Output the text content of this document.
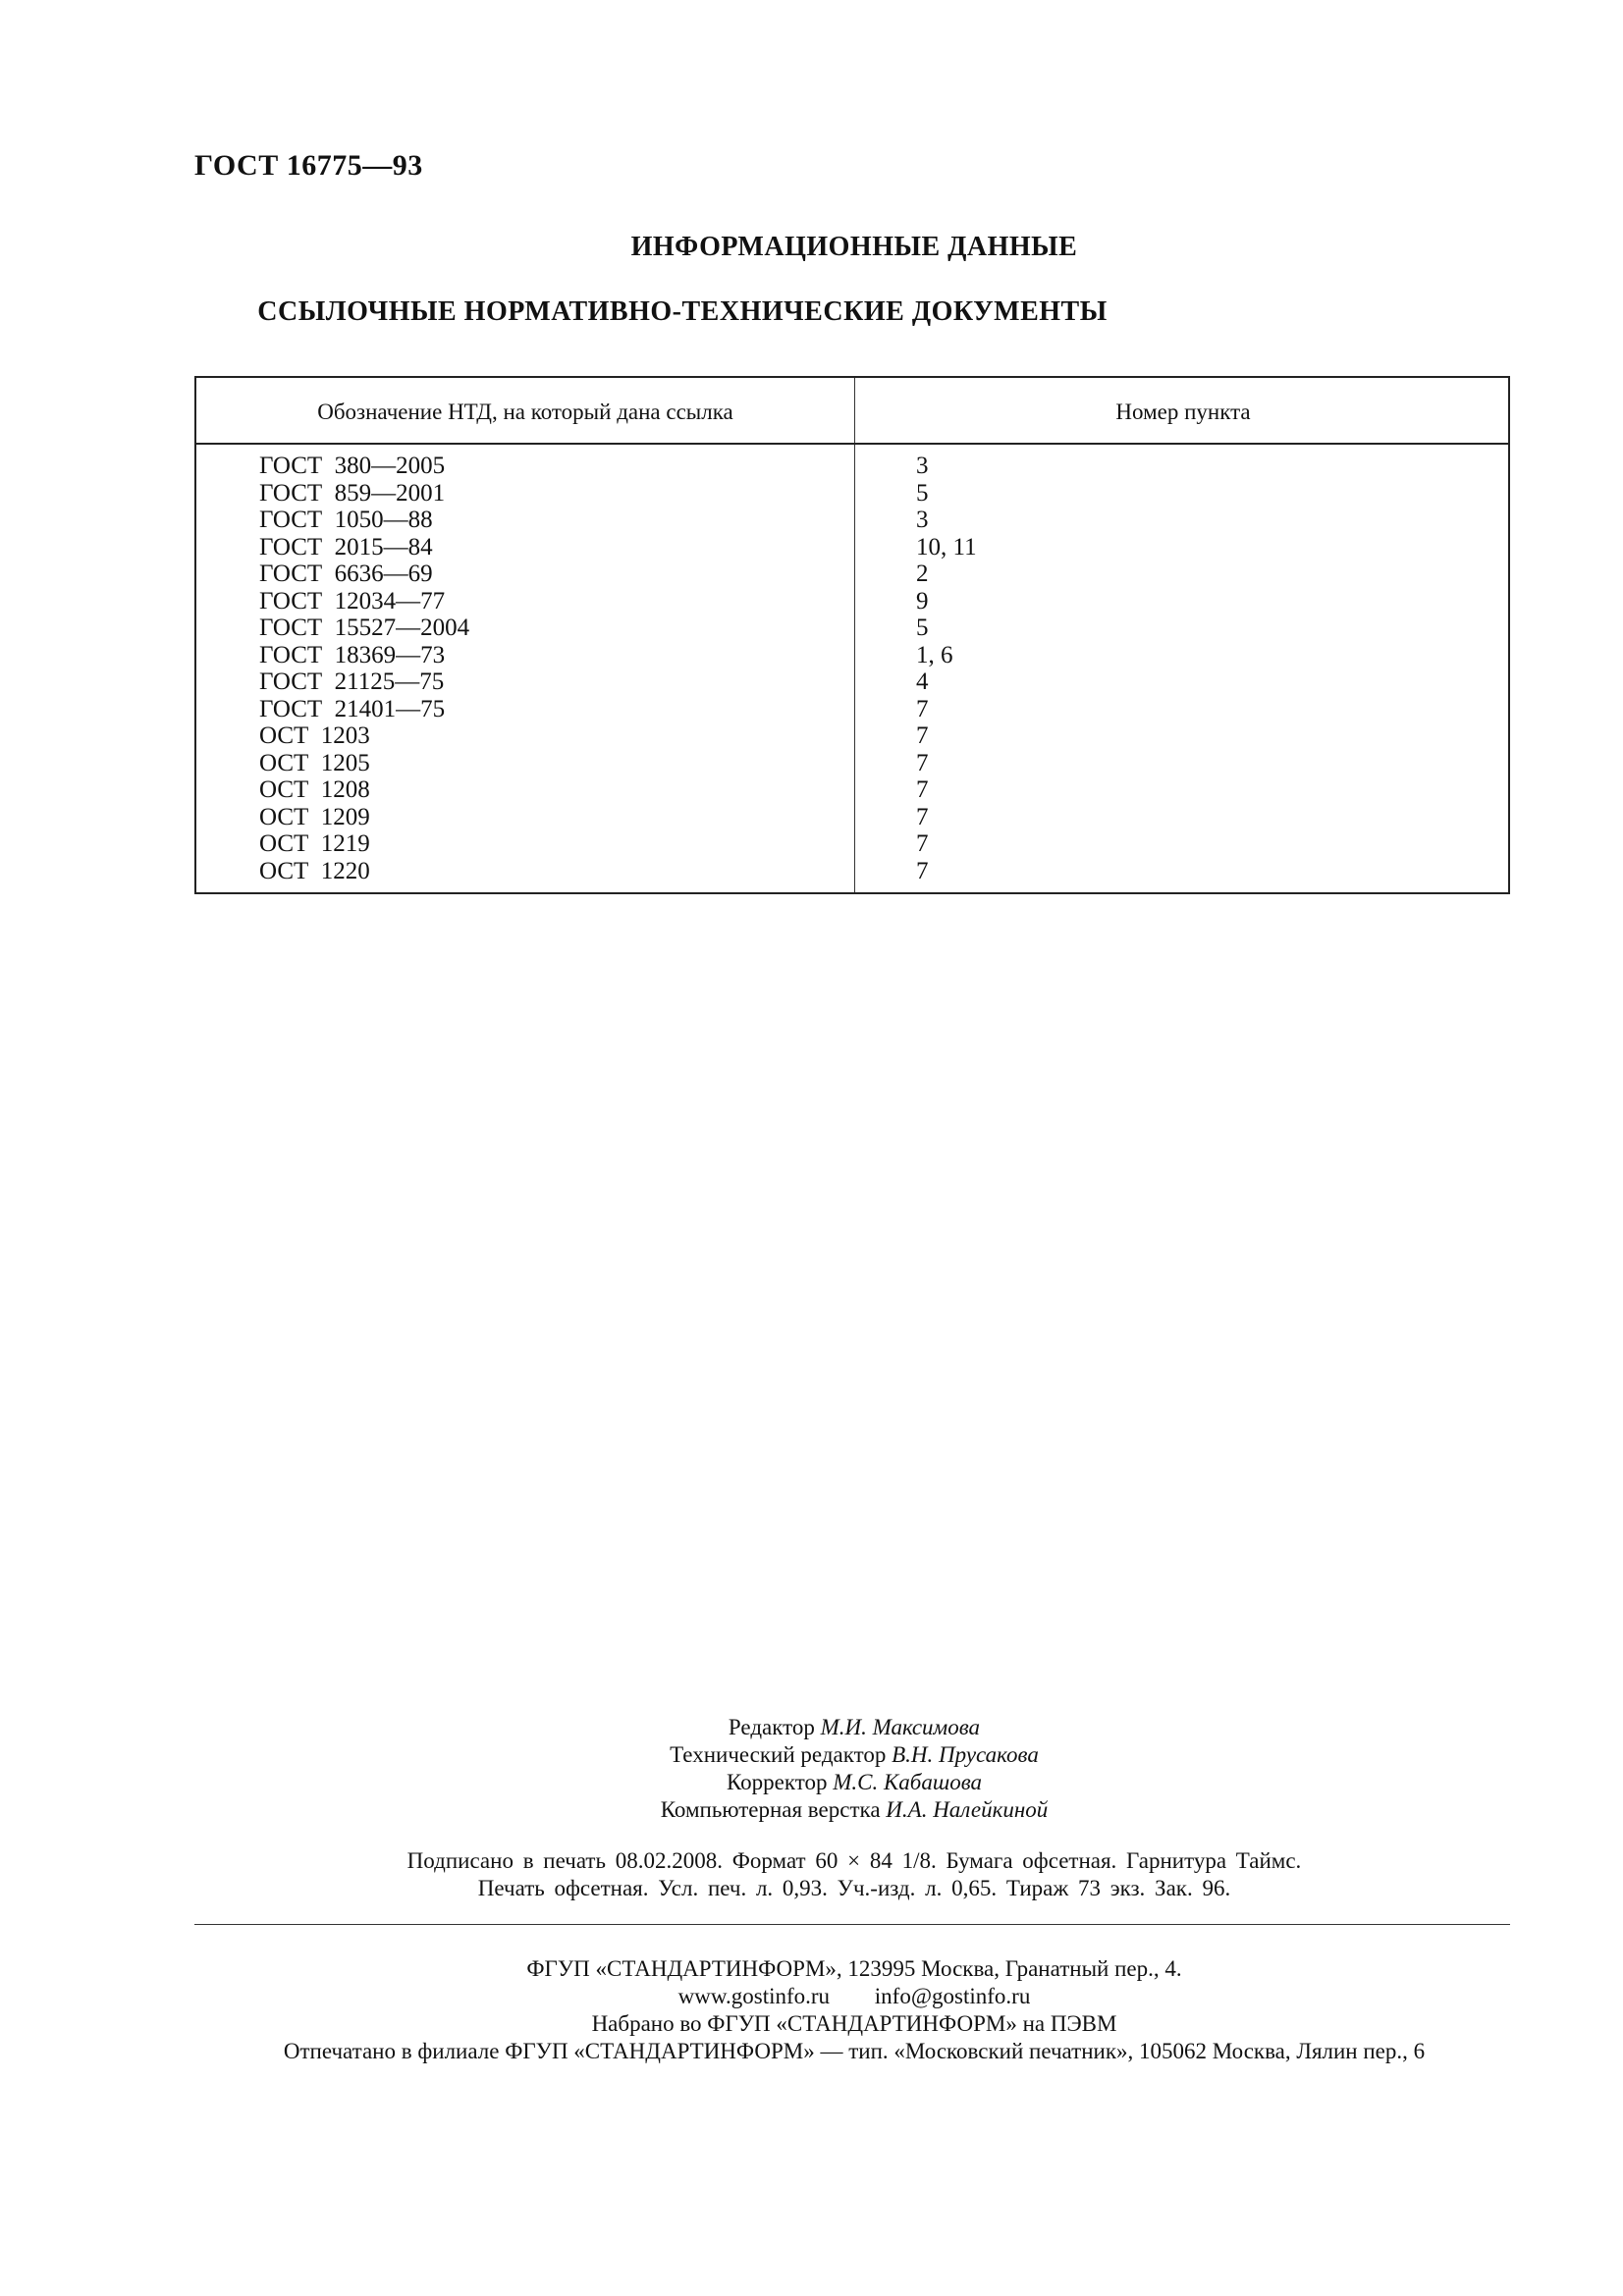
ГОСТ 16775—93
ИНФОРМАЦИОННЫЕ ДАННЫЕ
ССЫЛОЧНЫЕ НОРМАТИВНО-ТЕХНИЧЕСКИЕ ДОКУМЕНТЫ
Обозначение НТД, на который дана ссылка	Номер пункта
ГОСТ  380—2005	3
ГОСТ  859—2001	5
ГОСТ  1050—88	3
ГОСТ  2015—84	10, 11
ГОСТ  6636—69	2
ГОСТ  12034—77	9
ГОСТ  15527—2004	5
ГОСТ  18369—73	1, 6
ГОСТ  21125—75	4
ГОСТ  21401—75	7
ОСТ  1203	7
ОСТ  1205	7
ОСТ  1208	7
ОСТ  1209	7
ОСТ  1219	7
ОСТ  1220	7
Редактор М.И. Максимова
Технический редактор В.Н. Прусакова
Корректор М.С. Кабашова
Компьютерная верстка И.А. Налейкиной
Подписано в печать 08.02.2008. Формат 60 × 84 1/8. Бумага офсетная. Гарнитура Таймс.
Печать офсетная. Усл. печ. л. 0,93. Уч.-изд. л. 0,65. Тираж 73 экз. Зак. 96.
ФГУП «СТАНДАРТИНФОРМ», 123995 Москва, Гранатный пер., 4.
www.gostinfo.ru info@gostinfo.ru
Набрано во ФГУП «СТАНДАРТИНФОРМ» на ПЭВМ
Отпечатано в филиале ФГУП «СТАНДАРТИНФОРМ» — тип. «Московский печатник», 105062 Москва, Лялин пер., 6
